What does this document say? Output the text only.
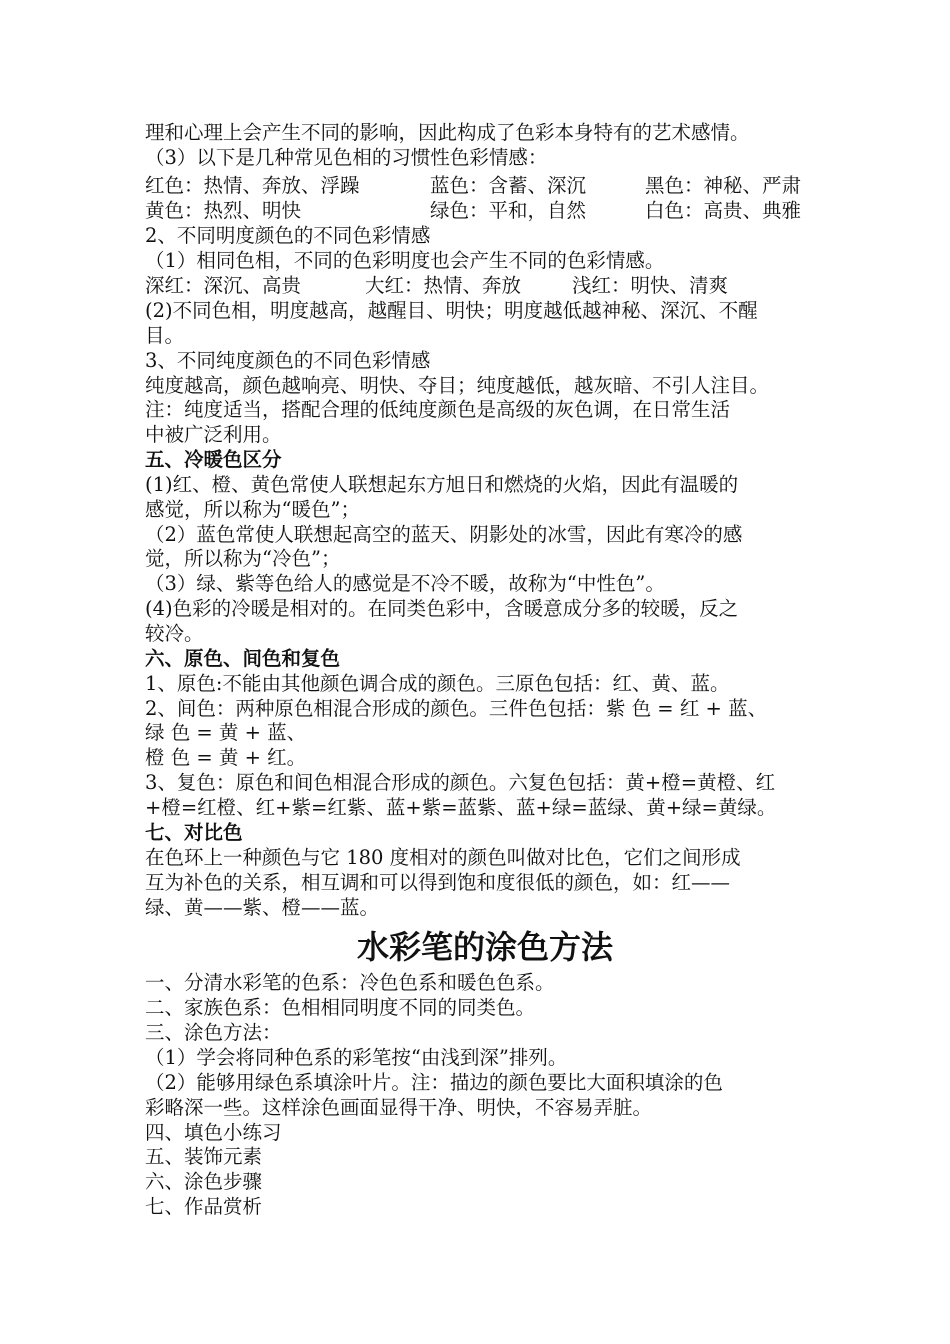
理和心理上会产生不同的影响，因此构成了色彩本身特有的艺术感情。
（3）以下是几种常见色相的习惯性色彩情感：
红色：热情、奔放、浮躁	蓝色：含蓄、深沉	黑色：神秘、严肃
黄色：热烈、明快	绿色：平和，自然	白色：高贵、典雅
2、不同明度颜色的不同色彩情感
（1）相同色相，不同的色彩明度也会产生不同的色彩情感。
深红：深沉、高贵	大红：热情、奔放	浅红：明快、清爽
(2)不同色相，明度越高，越醒目、明快；明度越低越神秘、深沉、不醒
目。
3、不同纯度颜色的不同色彩情感
纯度越高，颜色越响亮、明快、夺目；纯度越低，越灰暗、不引人注目。
注：纯度适当，搭配合理的低纯度颜色是高级的灰色调，在日常生活
中被广泛利用。
五、冷暖色区分
(1)红、橙、黄色常使人联想起东方旭日和燃烧的火焰，因此有温暖的
感觉，所以称为“暖色”；
（2）蓝色常使人联想起高空的蓝天、阴影处的冰雪，因此有寒冷的感
觉，所以称为“冷色”；
（3）绿、紫等色给人的感觉是不冷不暖，故称为“中性色”。
(4)色彩的冷暖是相对的。在同类色彩中，含暖意成分多的较暖，反之
较冷。
六、原色、间色和复色
1、原色:不能由其他颜色调合成的颜色。三原色包括：红、黄、蓝。
2、间色：两种原色相混合形成的颜色。三件色包括：紫 色 = 红 + 蓝、
绿 色 = 黄 + 蓝、
橙 色 = 黄 + 红。
3、复色：原色和间色相混合形成的颜色。六复色包括：黄+橙=黄橙、红
+橙=红橙、红+紫=红紫、蓝+紫=蓝紫、蓝+绿=蓝绿、黄+绿=黄绿。
七、对比色
在色环上一种颜色与它 180 度相对的颜色叫做对比色，它们之间形成
互为补色的关系，相互调和可以得到饱和度很低的颜色，如：红——
绿、黄——紫、橙——蓝。
水彩笔的涂色方法
一、分清水彩笔的色系：冷色色系和暖色色系。
二、家族色系：色相相同明度不同的同类色。
三、涂色方法：
（1）学会将同种色系的彩笔按“由浅到深”排列。
（2）能够用绿色系填涂叶片。注：描边的颜色要比大面积填涂的色
彩略深一些。这样涂色画面显得干净、明快，不容易弄脏。
四、填色小练习
五、装饰元素
六、涂色步骤
七、作品赏析
